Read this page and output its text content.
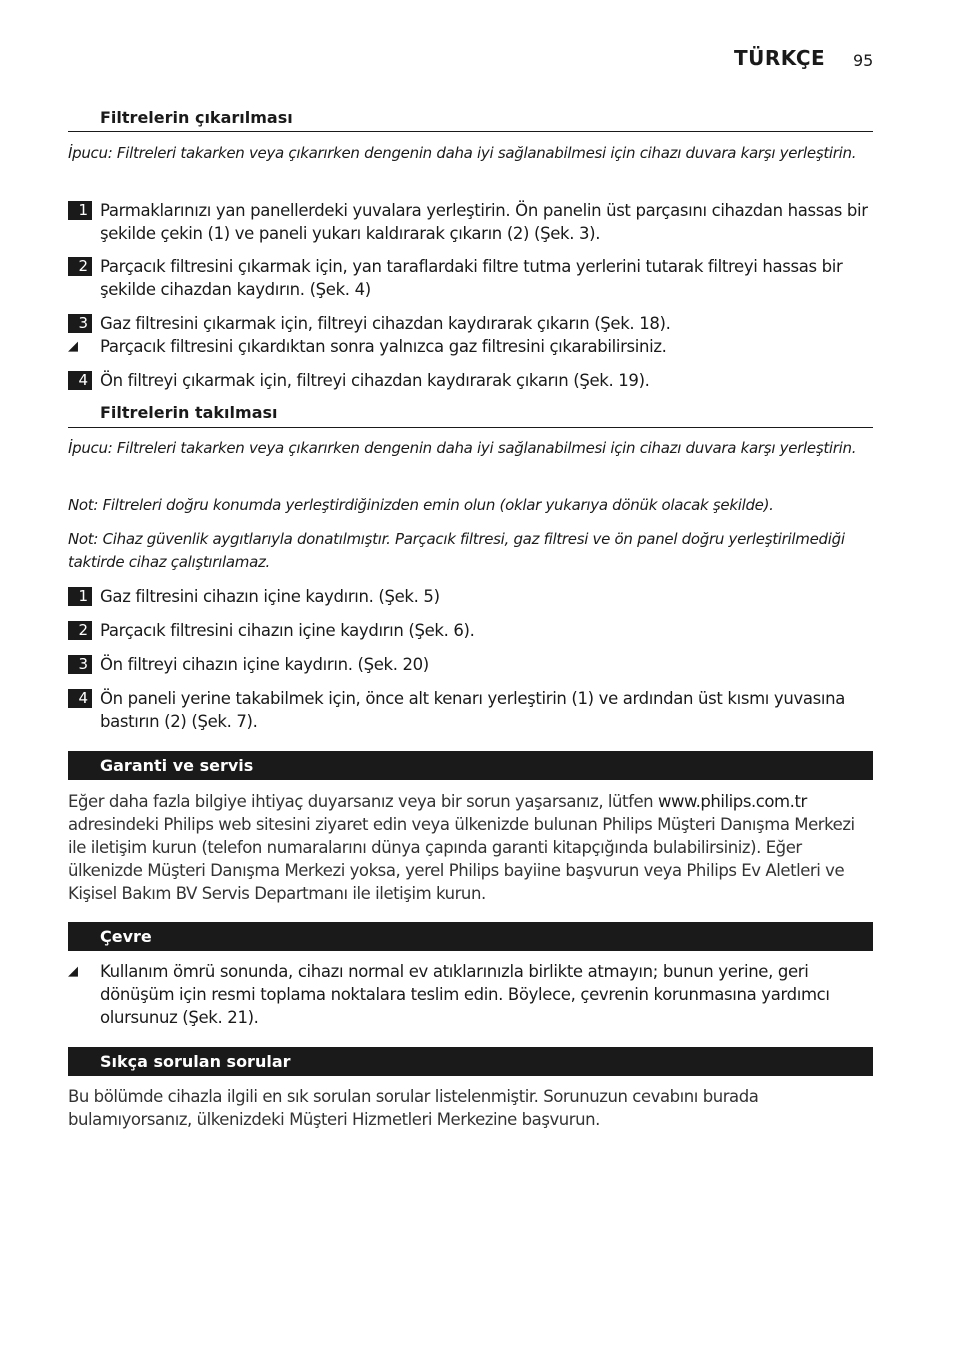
TÜRKÇE 95
Filtrelerin çıkarılması
İpucu: Filtreleri takarken veya çıkarırken dengenin daha iyi sağlanabilmesi için cihazı duvara karşı yerleştirin.
1 Parmaklarınızı yan panellerdeki yuvalara yerleştirin. Ön panelin üst parçasını cihazdan hassas bir şekilde çekin (1) ve paneli yukarı kaldırarak çıkarın (2) (Şek. 3).
2 Parçacık filtresini çıkarmak için, yan taraflardaki filtre tutma yerlerini tutarak filtreyi hassas bir şekilde cihazdan kaydırın. (Şek. 4)
3 Gaz filtresini çıkarmak için, filtreyi cihazdan kaydırarak çıkarın (Şek. 18).
◢ Parçacık filtresini çıkardıktan sonra yalnızca gaz filtresini çıkarabilirsiniz.
4 Ön filtreyi çıkarmak için, filtreyi cihazdan kaydırarak çıkarın (Şek. 19).
Filtrelerin takılması
İpucu: Filtreleri takarken veya çıkarırken dengenin daha iyi sağlanabilmesi için cihazı duvara karşı yerleştirin.
Not: Filtreleri doğru konumda yerleştirdiğinizden emin olun (oklar yukarıya dönük olacak şekilde).
Not: Cihaz güvenlik aygıtlarıyla donatılmıştır. Parçacık filtresi, gaz filtresi ve ön panel doğru yerleştirilmediği taktirde cihaz çalıştırılamaz.
1 Gaz filtresini cihazın içine kaydırın. (Şek. 5)
2 Parçacık filtresini cihazın içine kaydırın (Şek. 6).
3 Ön filtreyi cihazın içine kaydırın. (Şek. 20)
4 Ön paneli yerine takabilmek için, önce alt kenarı yerleştirin (1) ve ardından üst kısmı yuvasına bastırın (2) (Şek. 7).
Garanti ve servis
Eğer daha fazla bilgiye ihtiyaç duyarsanız veya bir sorun yaşarsanız, lütfen www.philips.com.tr adresindeki Philips web sitesini ziyaret edin veya ülkenizde bulunan Philips Müşteri Danışma Merkezi ile iletişim kurun (telefon numaralarını dünya çapında garanti kitapçığında bulabilirsiniz). Eğer ülkenizde Müşteri Danışma Merkezi yoksa, yerel Philips bayiine başvurun veya Philips Ev Aletleri ve Kişisel Bakım BV Servis Departmanı ile iletişim kurun.
Çevre
◢ Kullanım ömrü sonunda, cihazı normal ev atıklarınızla birlikte atmayın; bunun yerine, geri dönüşüm için resmi toplama noktalara teslim edin. Böylece, çevrenin korunmasına yardımcı olursunuz (Şek. 21).
Sıkça sorulan sorular
Bu bölümde cihazla ilgili en sık sorulan sorular listelenmiştir. Sorunuzun cevabını burada bulamıyorsanız, ülkenizdeki Müşteri Hizmetleri Merkezine başvurun.
